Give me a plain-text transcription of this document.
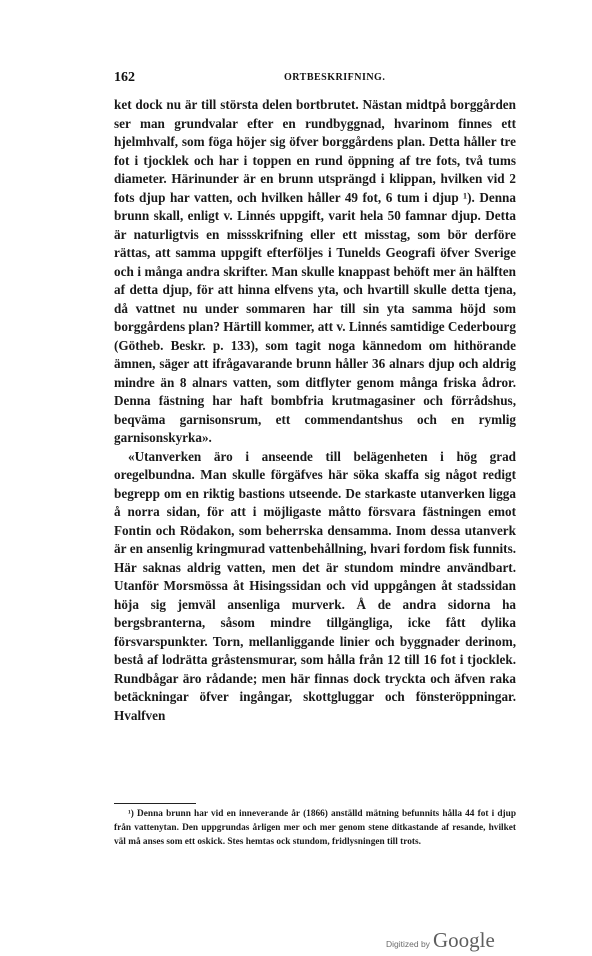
162	ORTBESKRIFNING.

ket dock nu är till största delen bortbrutet. Nästan midtpå borggården ser man grundvalar efter en rundbyggnad, hvarinom finnes ett hjelmhvalf, som föga höjer sig öfver borggårdens plan. Detta håller tre fot i tjocklek och har i toppen en rund öppning af tre fots, två tums diameter. Härinunder är en brunn utsprängd i klippan, hvilken vid 2 fots djup har vatten, och hvilken håller 49 fot, 6 tum i djup ¹). Denna brunn skall, enligt v. Linnés uppgift, varit hela 50 famnar djup. Detta är naturligtvis en missskrifning eller ett misstag, som bör derföre rättas, att samma uppgift efterföljes i Tunelds Geografi öfver Sverige och i många andra skrifter. Man skulle knappast behöft mer än hälften af detta djup, för att hinna elfvens yta, och hvartill skulle detta tjena, då vattnet nu under sommaren har till sin yta samma höjd som borggårdens plan? Härtill kommer, att v. Linnés samtidige Cederbourg (Götheb. Beskr. p. 133), som tagit noga kännedom om hithörande ämnen, säger att ifrågavarande brunn håller 36 alnars djup och aldrig mindre än 8 alnars vatten, som ditflyter genom många friska ådror. Denna fästning har haft bombfria krutmagasiner och förrådshus, beqväma garnisonsrum, ett commendantshus och en rymlig garnisonskyrka».

«Utanverken äro i anseende till belägenheten i hög grad oregelbundna. Man skulle förgäfves här söka skaffa sig något redigt begrepp om en riktig bastions utseende. De starkaste utanverken ligga å norra sidan, för att i möjligaste måtto försvara fästningen emot Fontin och Rödakon, som beherrska densamma. Inom dessa utanverk är en ansenlig kringmurad vattenbehållning, hvari fordom fisk funnits. Här saknas aldrig vatten, men det är stundom mindre användbart. Utanför Morsmössa åt Hisingssidan och vid uppgången åt stadssidan höja sig jemväl ansenliga murverk. Å de andra sidorna ha bergsbranterna, såsom mindre tillgängliga, icke fått dylika försvarspunkter. Torn, mellanliggande linier och byggnader derinom, bestå af lodrätta gråstensmurar, som hålla från 12 till 16 fot i tjocklek. Rundbågar äro rådande; men här finnas dock tryckta och äfven raka betäckningar öfver ingångar, skottgluggar och fönsteröppningar. Hvalfven

¹) Denna brunn har vid en inneverande år (1866) anställd mätning befunnits hålla 44 fot i djup från vattenytan. Den uppgrundas årligen mer och mer genom stene ditkastande af resande, hvilket väl må anses som ett oskick. Stes hemtas ock stundom, fridlysningen till trots.

Digitized by Google
